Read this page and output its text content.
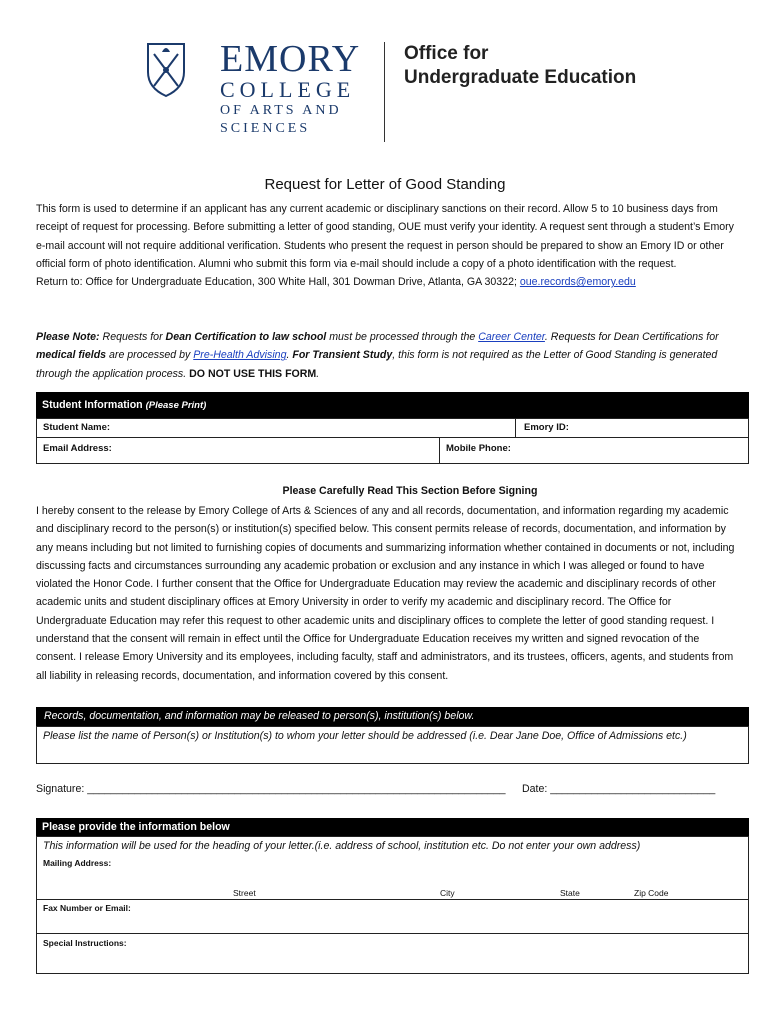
EMORY
COLLEGE
OF ARTS AND
SCIENCES
Office for
Undergraduate Education
Request for Letter of Good Standing
This form is used to determine if an applicant has any current academic or disciplinary sanctions on their record. Allow 5 to 10 business days from receipt of request for processing. Before submitting a letter of good standing, OUE must verify your identity. A request sent through a student’s Emory e-mail account will not require additional verification. Students who present the request in person should be prepared to show an Emory ID or other official form of photo identification. Alumni who submit this form via e-mail should include a copy of a photo identification with the request.
Return to: Office for Undergraduate Education, 300 White Hall, 301 Dowman Drive, Atlanta, GA 30322; oue.records@emory.edu
Please Note: Requests for Dean Certification to law school must be processed through the Career Center. Requests for Dean Certifications for medical fields are processed by Pre-Health Advising. For Transient Study, this form is not required as the Letter of Good Standing is generated through the application process. DO NOT USE THIS FORM.
Student Information (Please Print)
Student Name:	Emory ID:
Email Address:	Mobile Phone:
Please Carefully Read This Section Before Signing
I hereby consent to the release by Emory College of Arts & Sciences of any and all records, documentation, and information regarding my academic and disciplinary record to the person(s) or institution(s) specified below. This consent permits release of records, documentation, and information by any means including but not limited to furnishing copies of documents and summarizing information whether contained in documents or not, including discussing facts and circumstances surrounding any academic probation or exclusion and any instance in which I was alleged or found to have violated the Honor Code. I further consent that the Office for Undergraduate Education may review the academic and disciplinary records of other academic units and student disciplinary offices at Emory University in order to verify my academic and disciplinary record. The Office for Undergraduate Education may refer this request to other academic units and disciplinary offices to complete the letter of good standing request. I understand that the consent will remain in effect until the Office for Undergraduate Education receives my written and signed revocation of the consent. I release Emory University and its employees, including faculty, staff and administrators, and its trustees, officers, agents, and students from all liability in releasing records, documentation, and information covered by this consent.
Records, documentation, and information may be released to person(s), institution(s) below.
Please list the name of Person(s) or Institution(s) to whom your letter should be addressed (i.e. Dear Jane Doe, Office of Admissions etc.)
Signature: _______________________________________________________________________ Date: ____________________________
Please provide the information below
This information will be used for the heading of your letter.(i.e. address of school, institution etc. Do not enter your own address)
Mailing Address:
Street	City	State	Zip Code
Fax Number or Email:
Special Instructions:
